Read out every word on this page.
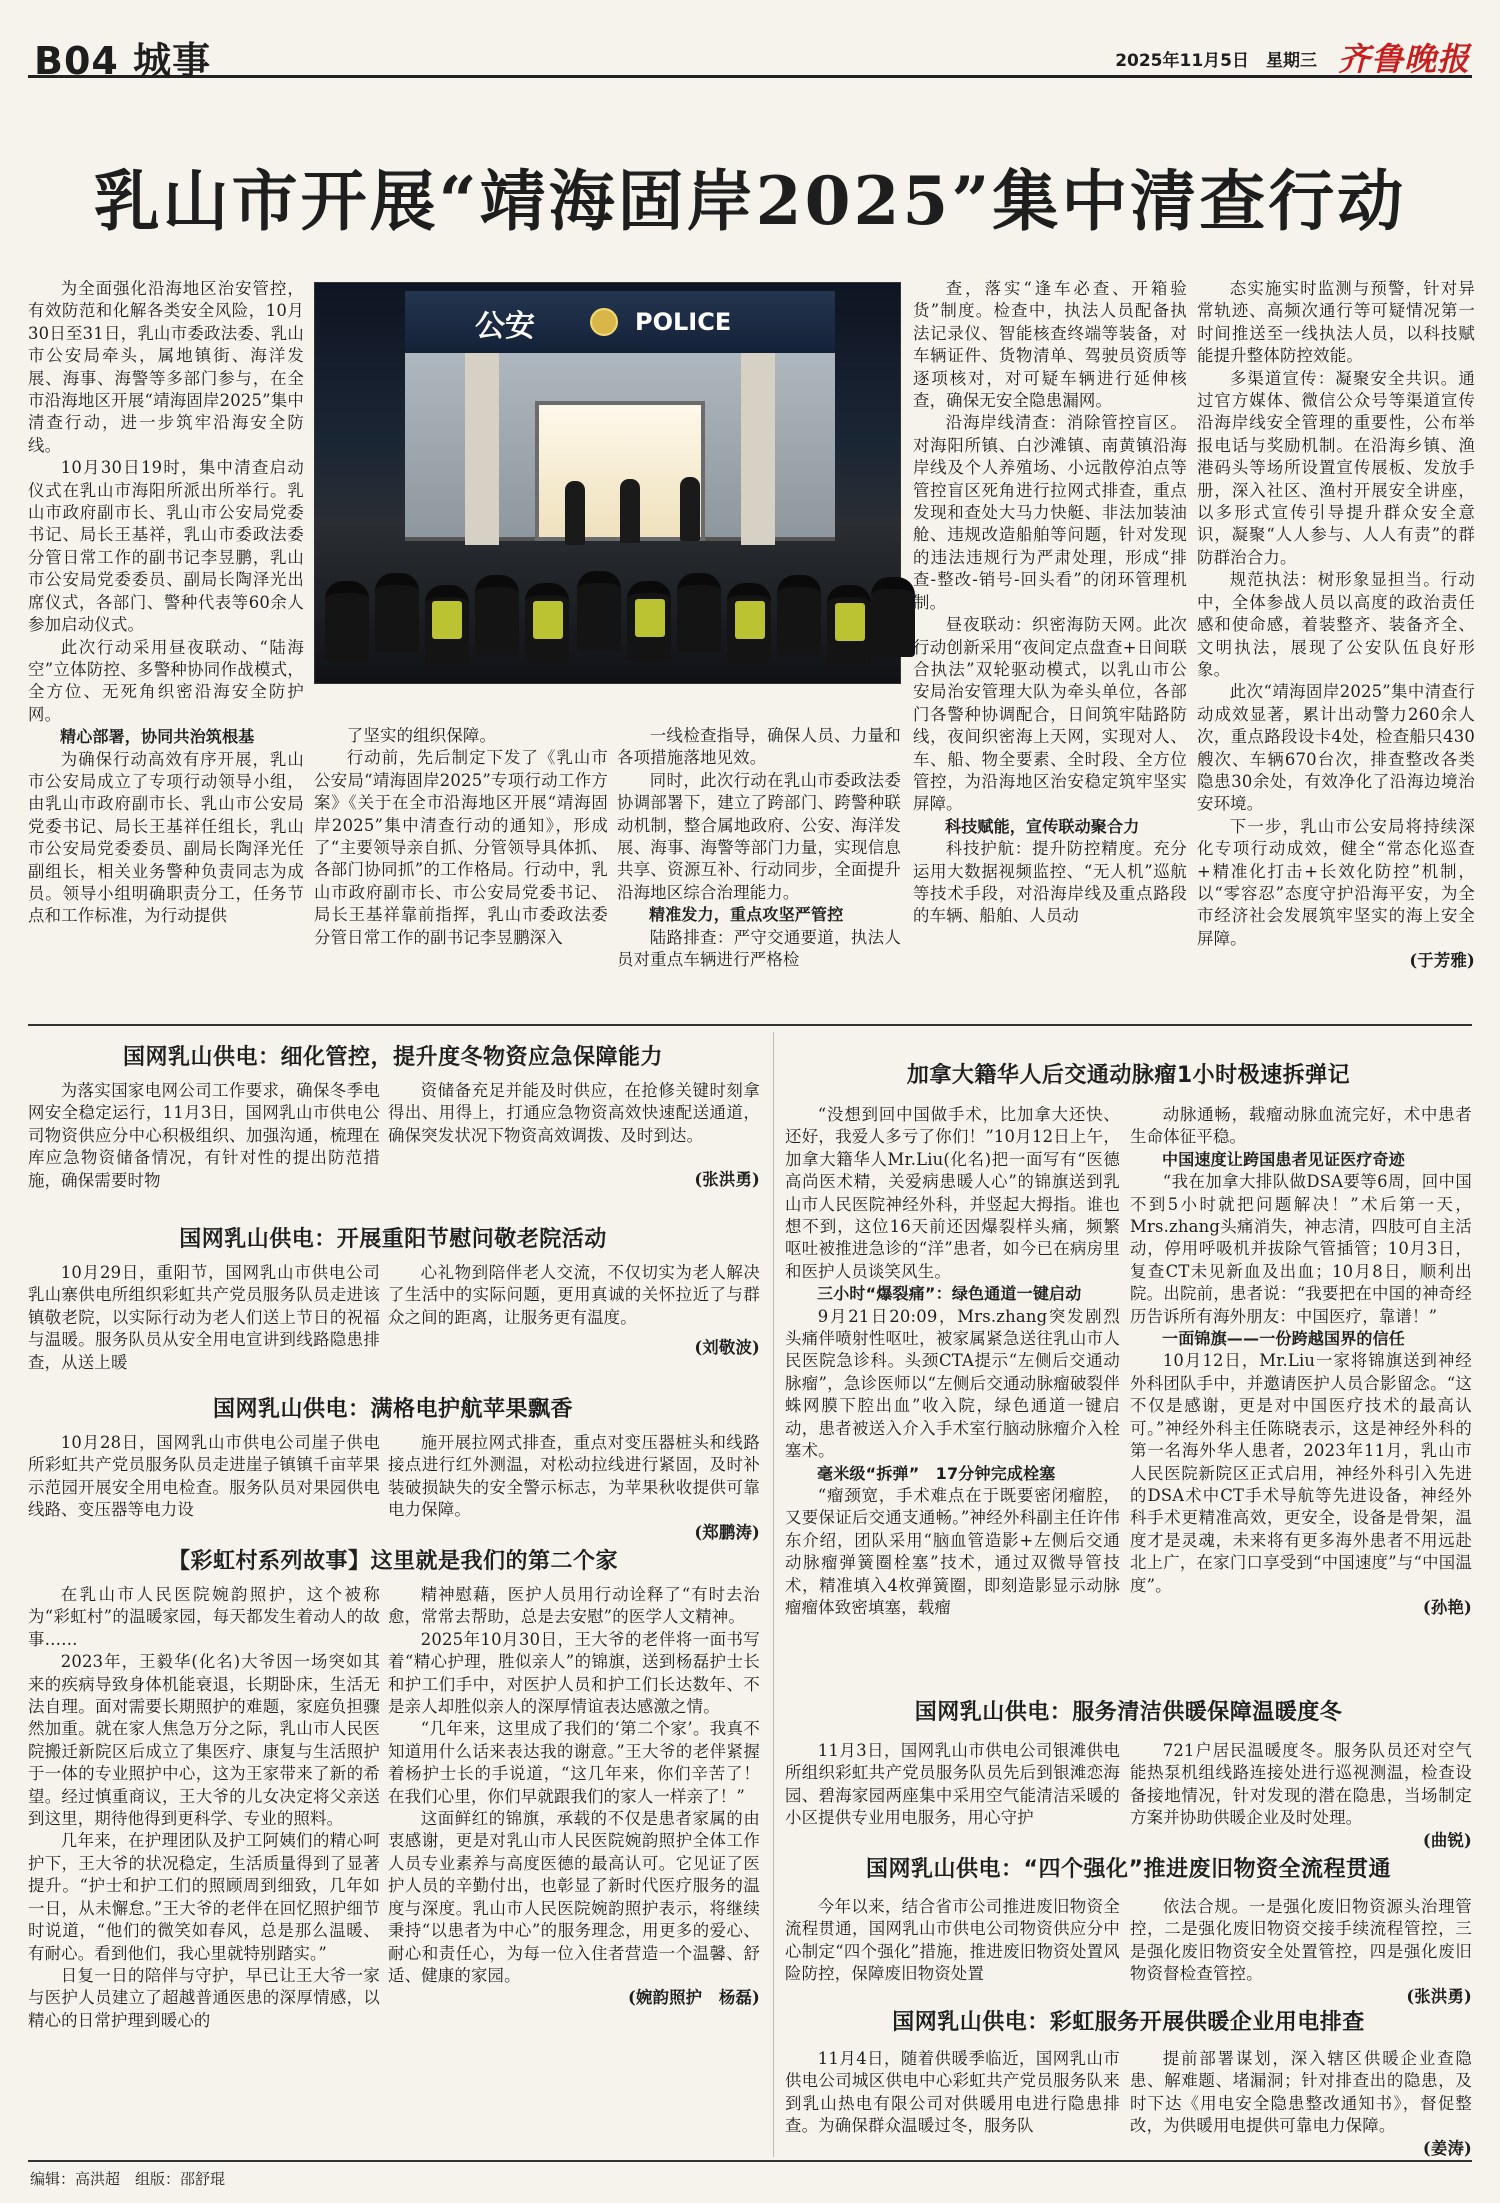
B04 城事	2025年11月5日　 星期三 齐鲁晚报
乳山市开展“靖海固岸2025”集中清查行动
公安	POLICE

为全面强化沿海地区治安管控，有效防范和化解各类安全风险，10月30日至31日，乳山市委政法委、乳山市公安局牵头，属地镇街、海洋发展、海事、海警等多部门参与，在全市沿海地区开展“靖海固岸2025”集中清查行动，进一步筑牢沿海安全防线。

10月30日19时，集中清查启动仪式在乳山市海阳所派出所举行。乳山市政府副市长、乳山市公安局党委书记、局长王基祥，乳山市委政法委分管日常工作的副书记李昱鹏，乳山市公安局党委委员、副局长陶泽光出席仪式，各部门、警种代表等60余人参加启动仪式。

此次行动采用昼夜联动、“陆海空”立体防控、多警种协同作战模式，全方位、无死角织密沿海安全防护网。

精心部署，协同共治筑根基

为确保行动高效有序开展，乳山市公安局成立了专项行动领导小组，由乳山市政府副市长、乳山市公安局党委书记、局长王基祥任组长，乳山市公安局党委委员、副局长陶泽光任副组长，相关业务警种负责同志为成员。领导小组明确职责分工，任务节点和工作标准，为行动提供

了坚实的组织保障。

行动前，先后制定下发了《乳山市公安局“靖海固岸2025”专项行动工作方案》《关于在全市沿海地区开展“靖海固岸2025”集中清查行动的通知》，形成了“主要领导亲自抓、分管领导具体抓、各部门协同抓”的工作格局。行动中，乳山市政府副市长、市公安局党委书记、局长王基祥靠前指挥，乳山市委政法委分管日常工作的副书记李昱鹏深入

一线检查指导，确保人员、力量和各项措施落地见效。

同时，此次行动在乳山市委政法委协调部署下，建立了跨部门、跨警种联动机制，整合属地政府、公安、海洋发展、海事、海警等部门力量，实现信息共享、资源互补、行动同步，全面提升沿海地区综合治理能力。

精准发力，重点攻坚严管控

陆路排查：严守交通要道，执法人员对重点车辆进行严格检

查，落实“逢车必查、开箱验货”制度。检查中，执法人员配备执法记录仪、智能核查终端等装备，对车辆证件、货物清单、驾驶员资质等逐项核对，对可疑车辆进行延伸核查，确保无安全隐患漏网。

沿海岸线清查：消除管控盲区。对海阳所镇、白沙滩镇、南黄镇沿海岸线及个人养殖场、小远散停泊点等管控盲区死角进行拉网式排查，重点发现和查处大马力快艇、非法加装油舱、违规改造船舶等问题，针对发现的违法违规行为严肃处理，形成“排查-整改-销号-回头看”的闭环管理机制。

昼夜联动：织密海防天网。此次行动创新采用“夜间定点盘查+日间联合执法”双轮驱动模式，以乳山市公安局治安管理大队为牵头单位，各部门各警种协调配合，日间筑牢陆路防线，夜间织密海上天网，实现对人、车、船、物全要素、全时段、全方位管控，为沿海地区治安稳定筑牢坚实屏障。

科技赋能，宣传联动聚合力

科技护航：提升防控精度。充分运用大数据视频监控、“无人机”巡航等技术手段，对沿海岸线及重点路段的车辆、船舶、人员动

态实施实时监测与预警，针对异常轨迹、高频次通行等可疑情况第一时间推送至一线执法人员，以科技赋能提升整体防控效能。

多渠道宣传：凝聚安全共识。通过官方媒体、微信公众号等渠道宣传沿海岸线安全管理的重要性，公布举报电话与奖励机制。在沿海乡镇、渔港码头等场所设置宣传展板、发放手册，深入社区、渔村开展安全讲座，以多形式宣传引导提升群众安全意识，凝聚“人人参与、人人有责”的群防群治合力。

规范执法：树形象显担当。行动中，全体参战人员以高度的政治责任感和使命感，着装整齐、装备齐全、文明执法，展现了公安队伍良好形象。

此次“靖海固岸2025”集中清查行动成效显著，累计出动警力260余人次，重点路段设卡4处，检查船只430艘次、车辆670台次，排查整改各类隐患30余处，有效净化了沿海边境治安环境。

下一步，乳山市公安局将持续深化专项行动成效，健全“常态化巡查+精准化打击+长效化防控”机制，以“零容忍”态度守护沿海平安，为全市经济社会发展筑牢坚实的海上安全屏障。

(于芳雅)

国网乳山供电：细化管控，提升度冬物资应急保障能力

为落实国家电网公司工作要求，确保冬季电网安全稳定运行，11月3日，国网乳山市供电公司物资供应分中心积极组织、加强沟通，梳理在库应急物资储备情况，有针对性的提出防范措施，确保需要时物

资储备充足并能及时供应，在抢修关键时刻拿得出、用得上，打通应急物资高效快速配送通道，确保突发状况下物资高效调拨、及时到达。

(张洪勇)

国网乳山供电：开展重阳节慰问敬老院活动

10月29日，重阳节，国网乳山市供电公司乳山寨供电所组织彩虹共产党员服务队员走进该镇敬老院，以实际行动为老人们送上节日的祝福与温暖。服务队员从安全用电宣讲到线路隐患排查，从送上暖

心礼物到陪伴老人交流，不仅切实为老人解决了生活中的实际问题，更用真诚的关怀拉近了与群众之间的距离，让服务更有温度。

(刘敬波)

国网乳山供电：满格电护航苹果飘香

10月28日，国网乳山市供电公司崖子供电所彩虹共产党员服务队员走进崖子镇镇千亩苹果示范园开展安全用电检查。服务队员对果园供电线路、变压器等电力设

施开展拉网式排查，重点对变压器桩头和线路接点进行红外测温，对松动拉线进行紧固，及时补装破损缺失的安全警示标志，为苹果秋收提供可靠电力保障。

(郑鹏涛)

【彩虹村系列故事】这里就是我们的第二个家

在乳山市人民医院婉韵照护，这个被称为“彩虹村”的温暖家园，每天都发生着动人的故事……

2023年，王毅华(化名)大爷因一场突如其来的疾病导致身体机能衰退，长期卧床，生活无法自理。面对需要长期照护的难题，家庭负担骤然加重。就在家人焦急万分之际，乳山市人民医院搬迁新院区后成立了集医疗、康复与生活照护于一体的专业照护中心，这为王家带来了新的希望。经过慎重商议，王大爷的儿女决定将父亲送到这里，期待他得到更科学、专业的照料。

几年来，在护理团队及护工阿姨们的精心呵护下，王大爷的状况稳定，生活质量得到了显著提升。“护士和护工们的照顾周到细致，几年如一日，从未懈怠。”王大爷的老伴在回忆照护细节时说道，“他们的微笑如春风，总是那么温暖、有耐心。看到他们，我心里就特别踏实。”

日复一日的陪伴与守护，早已让王大爷一家与医护人员建立了超越普通医患的深厚情感，以精心的日常护理到暖心的

精神慰藉，医护人员用行动诠释了“有时去治愈，常常去帮助，总是去安慰”的医学人文精神。

2025年10月30日，王大爷的老伴将一面书写着“精心护理，胜似亲人”的锦旗，送到杨磊护士长和护工们手中，对医护人员和护工们长达数年、不是亲人却胜似亲人的深厚情谊表达感激之情。

“几年来，这里成了我们的‘第二个家’。我真不知道用什么话来表达我的谢意。”王大爷的老伴紧握着杨护士长的手说道，“这几年来，你们辛苦了！在我们心里，你们早就跟我们的家人一样亲了！”

这面鲜红的锦旗，承载的不仅是患者家属的由衷感谢，更是对乳山市人民医院婉韵照护全体工作人员专业素养与高度医德的最高认可。它见证了医护人员的辛勤付出，也彰显了新时代医疗服务的温度与深度。乳山市人民医院婉韵照护表示，将继续秉持“以患者为中心”的服务理念，用更多的爱心、耐心和责任心，为每一位入住者营造一个温馨、舒适、健康的家园。

(婉韵照护　杨磊)

加拿大籍华人后交通动脉瘤1小时极速拆弹记

“没想到回中国做手术，比加拿大还快、还好，我爱人多亏了你们！”10月12日上午，加拿大籍华人Mr.Liu(化名)把一面写有“医德高尚医术精，关爱病患暖人心”的锦旗送到乳山市人民医院神经外科，并竖起大拇指。谁也想不到，这位16天前还因爆裂样头痛，频繁呕吐被推进急诊的“洋”患者，如今已在病房里和医护人员谈笑风生。

三小时“爆裂痛”：绿色通道一键启动

9月21日20:09，Mrs.zhang突发剧烈头痛伴喷射性呕吐，被家属紧急送往乳山市人民医院急诊科。头颈CTA提示“左侧后交通动脉瘤”，急诊医师以“左侧后交通动脉瘤破裂伴蛛网膜下腔出血”收入院，绿色通道一键启动，患者被送入介入手术室行脑动脉瘤介入栓塞术。

毫米级“拆弹”　17分钟完成栓塞

“瘤颈宽，手术难点在于既要密闭瘤腔，又要保证后交通支通畅。”神经外科副主任许伟东介绍，团队采用“脑血管造影+左侧后交通动脉瘤弹簧圈栓塞”技术，通过双微导管技术，精准填入4枚弹簧圈，即刻造影显示动脉瘤瘤体致密填塞，载瘤

动脉通畅，载瘤动脉血流完好，术中患者生命体征平稳。

中国速度让跨国患者见证医疗奇迹

“我在加拿大排队做DSA要等6周，回中国不到5小时就把问题解决！”术后第一天，Mrs.zhang头痛消失，神志清，四肢可自主活动，停用呼吸机并拔除气管插管；10月3日，复查CT未见新血及出血；10月8日，顺利出院。出院前，患者说：“我要把在中国的神奇经历告诉所有海外朋友：中国医疗，靠谱！”

一面锦旗——一份跨越国界的信任

10月12日，Mr.Liu一家将锦旗送到神经外科团队手中，并邀请医护人员合影留念。“这不仅是感谢，更是对中国医疗技术的最高认可。”神经外科主任陈晓表示，这是神经外科的第一名海外华人患者，2023年11月，乳山市人民医院新院区正式启用，神经外科引入先进的DSA术中CT手术导航等先进设备，神经外科手术更精准高效，更安全，设备是骨架，温度才是灵魂，未来将有更多海外患者不用远赴北上广，在家门口享受到“中国速度”与“中国温度”。

(孙艳)

国网乳山供电：服务清洁供暖保障温暖度冬

11月3日，国网乳山市供电公司银滩供电所组织彩虹共产党员服务队员先后到银滩恋海园、碧海家园两座集中采用空气能清洁采暖的小区提供专业用电服务，用心守护

721户居民温暖度冬。服务队员还对空气能热泵机组线路连接处进行巡视测温，检查设备接地情况，针对发现的潜在隐患，当场制定方案并协助供暖企业及时处理。

(曲锐)

国网乳山供电：“四个强化”推进废旧物资全流程贯通

今年以来，结合省市公司推进废旧物资全流程贯通，国网乳山市供电公司物资供应分中心制定“四个强化”措施，推进废旧物资处置风险防控，保障废旧物资处置

依法合规。一是强化废旧物资源头治理管控，二是强化废旧物资交接手续流程管控，三是强化废旧物资安全处置管控，四是强化废旧物资督检查管控。

(张洪勇)

国网乳山供电：彩虹服务开展供暖企业用电排查

11月4日，随着供暖季临近，国网乳山市供电公司城区供电中心彩虹共产党员服务队来到乳山热电有限公司对供暖用电进行隐患排查。为确保群众温暖过冬，服务队

提前部署谋划，深入辖区供暖企业查隐患、解难题、堵漏洞；针对排查出的隐患，及时下达《用电安全隐患整改通知书》，督促整改，为供暖用电提供可靠电力保障。

(姜涛)

编辑：高洪超　组版：邵舒琨
